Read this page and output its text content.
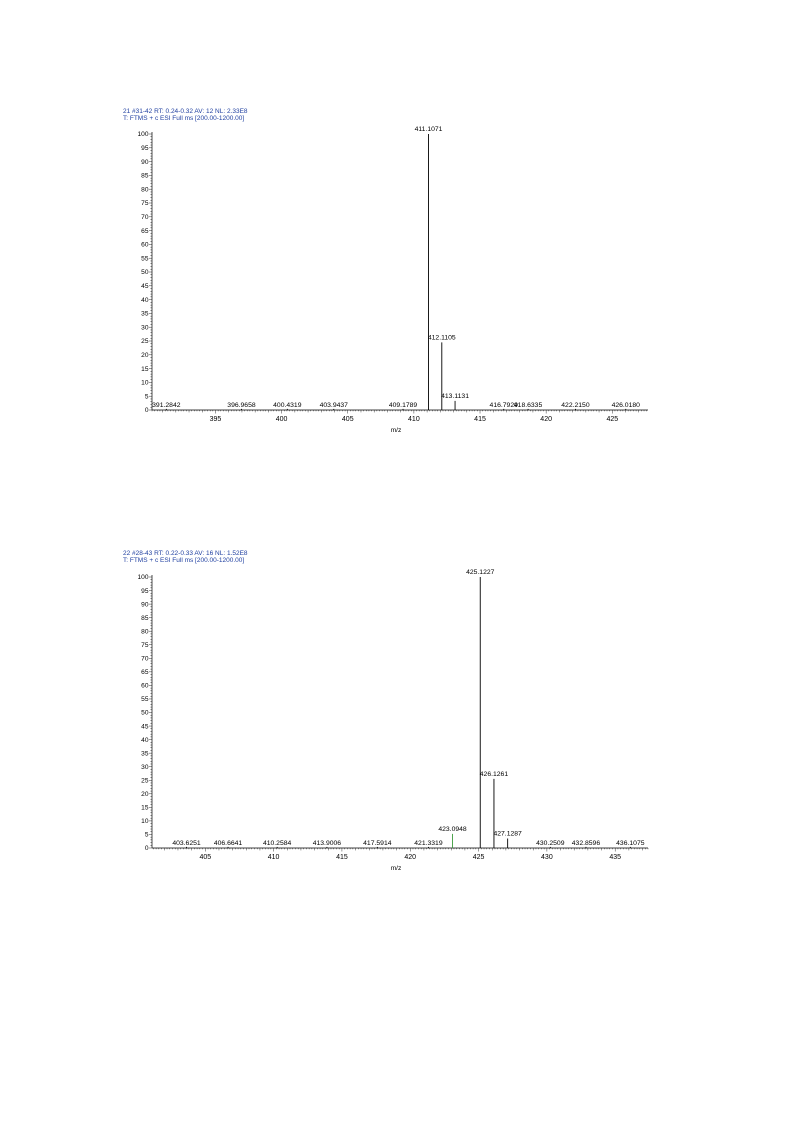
21 #31-42 RT: 0.24-0.32 AV: 12 NL: 2.33E8
T: FTMS + c ESI Full ms [200.00-1200.00]
0
5
10
15
20
25
30
35
40
45
50
55
60
65
70
75
80
85
90
95
100
395	400	405	410	415	420	425
m/z
391.2842	396.9658	400.4319	403.9437	409.1789
411.1071
412.1105
413.1131
416.7929
418.6335	422.2150	426.0180
22 #28-43 RT: 0.22-0.33 AV: 16 NL: 1.52E8
T: FTMS + c ESI Full ms [200.00-1200.00]
0
5
10
15
20
25
30
35
40
45
50
55
60
65
70
75
80
85
90
95
100
405	410	415	420	425	430	435
m/z
403.6251 406.6641	410.2584	413.9006	417.5914	421.3319
423.0948
425.1227
426.1261
427.1287
430.2509 432.8596 436.1075
